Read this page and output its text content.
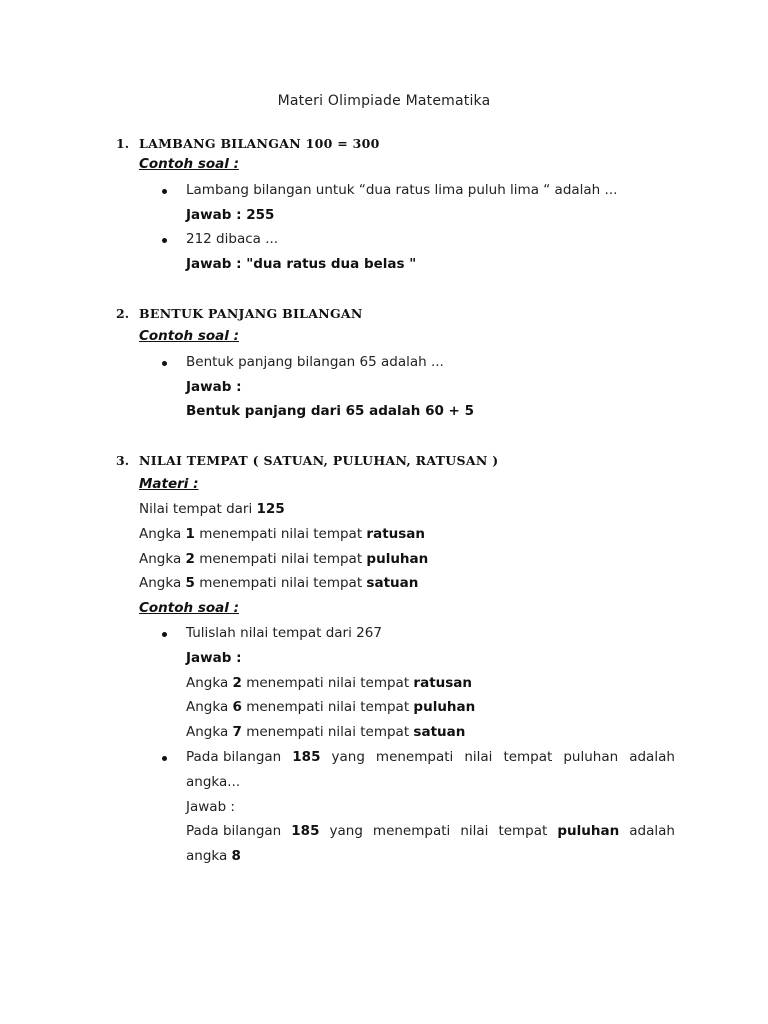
Materi Olimpiade Matematika
1. LAMBANG BILANGAN 100 = 300
Contoh soal :
Lambang bilangan untuk “dua ratus lima puluh lima “ adalah ...
Jawab : 255
212 dibaca ...
Jawab : "dua ratus dua belas "
2. BENTUK PANJANG BILANGAN
Contoh soal :
Bentuk panjang bilangan 65 adalah ...
Jawab :
Bentuk panjang dari 65 adalah 60 + 5
3. NILAI TEMPAT ( SATUAN, PULUHAN, RATUSAN )
Materi :
Nilai tempat dari 125
Angka 1 menempati nilai tempat ratusan
Angka 2 menempati nilai tempat puluhan
Angka 5 menempati nilai tempat satuan
Contoh soal :
Tulislah nilai tempat dari 267
Jawab :
Angka 2 menempati nilai tempat ratusan
Angka 6 menempati nilai tempat puluhan
Angka 7 menempati nilai tempat satuan
Pada bilangan 185 yang menempati nilai tempat puluhan adalah
angka...
Jawab :
Pada bilangan 185 yang menempati nilai tempat puluhan adalah
angka 8
